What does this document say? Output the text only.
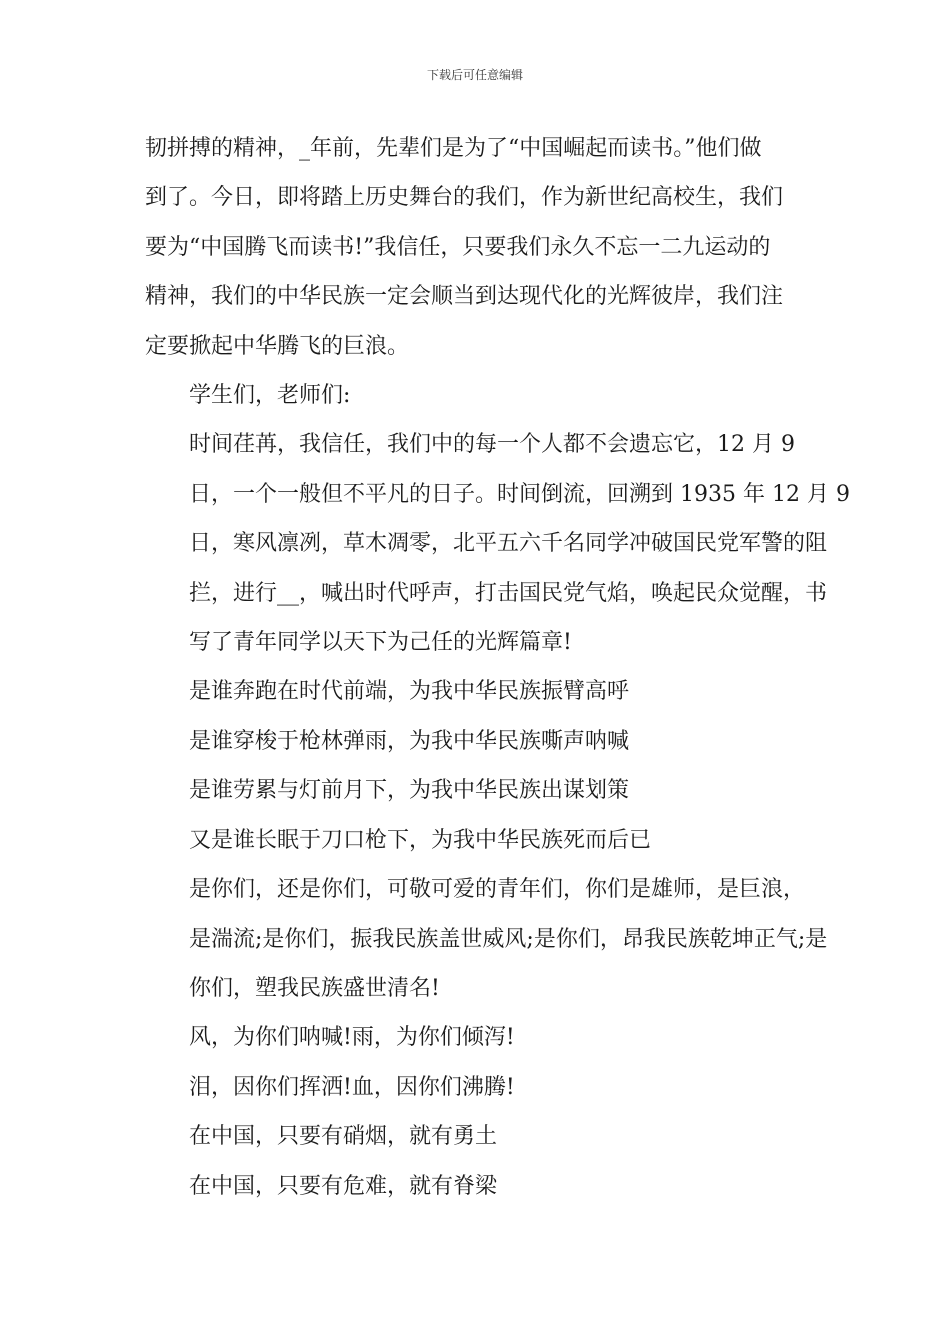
下载后可任意编辑

韧拼搏的精神，_年前，先辈们是为了“中国崛起而读书。”他们做
到了。今日，即将踏上历史舞台的我们，作为新世纪高校生，我们
要为“中国腾飞而读书!”我信任，只要我们永久不忘一二九运动的
精神，我们的中华民族一定会顺当到达现代化的光辉彼岸，我们注
定要掀起中华腾飞的巨浪。

学生们，老师们:

时间荏苒，我信任，我们中的每一个人都不会遗忘它，12 月 9
日，一个一般但不平凡的日子。时间倒流，回溯到 1935 年 12 月 9
日，寒风凛冽，草木凋零，北平五六千名同学冲破国民党军警的阻
拦，进行__，喊出时代呼声，打击国民党气焰，唤起民众觉醒，书
写了青年同学以天下为己任的光辉篇章!

是谁奔跑在时代前端，为我中华民族振臂高呼

是谁穿梭于枪林弹雨，为我中华民族嘶声呐喊

是谁劳累与灯前月下，为我中华民族出谋划策

又是谁长眠于刀口枪下，为我中华民族死而后已

是你们，还是你们，可敬可爱的青年们，你们是雄师，是巨浪，
是湍流;是你们，振我民族盖世威风;是你们，昂我民族乾坤正气;是
你们，塑我民族盛世清名!

风，为你们呐喊!雨，为你们倾泻!

泪，因你们挥洒!血，因你们沸腾!

在中国，只要有硝烟，就有勇土

在中国，只要有危难，就有脊梁
